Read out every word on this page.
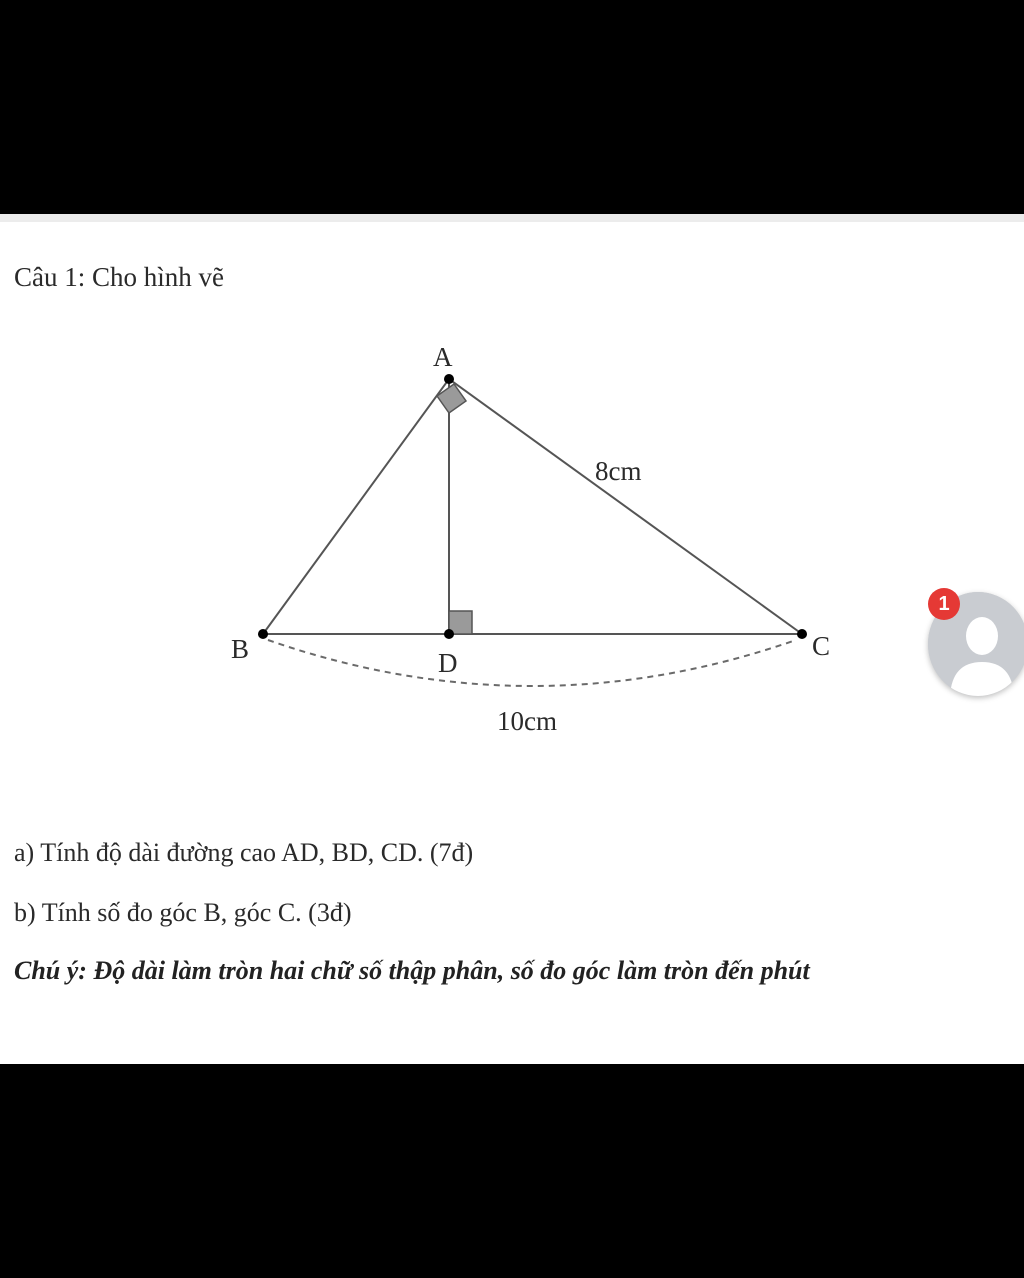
Câu 1: Cho hình vẽ
A
B	C
D
8cm
10cm
a) Tính độ dài đường cao AD, BD, CD. (7đ)
b) Tính số đo góc B, góc C. (3đ)
Chú ý: Độ dài làm tròn hai chữ số thập phân, số đo góc làm tròn đến phút
1
